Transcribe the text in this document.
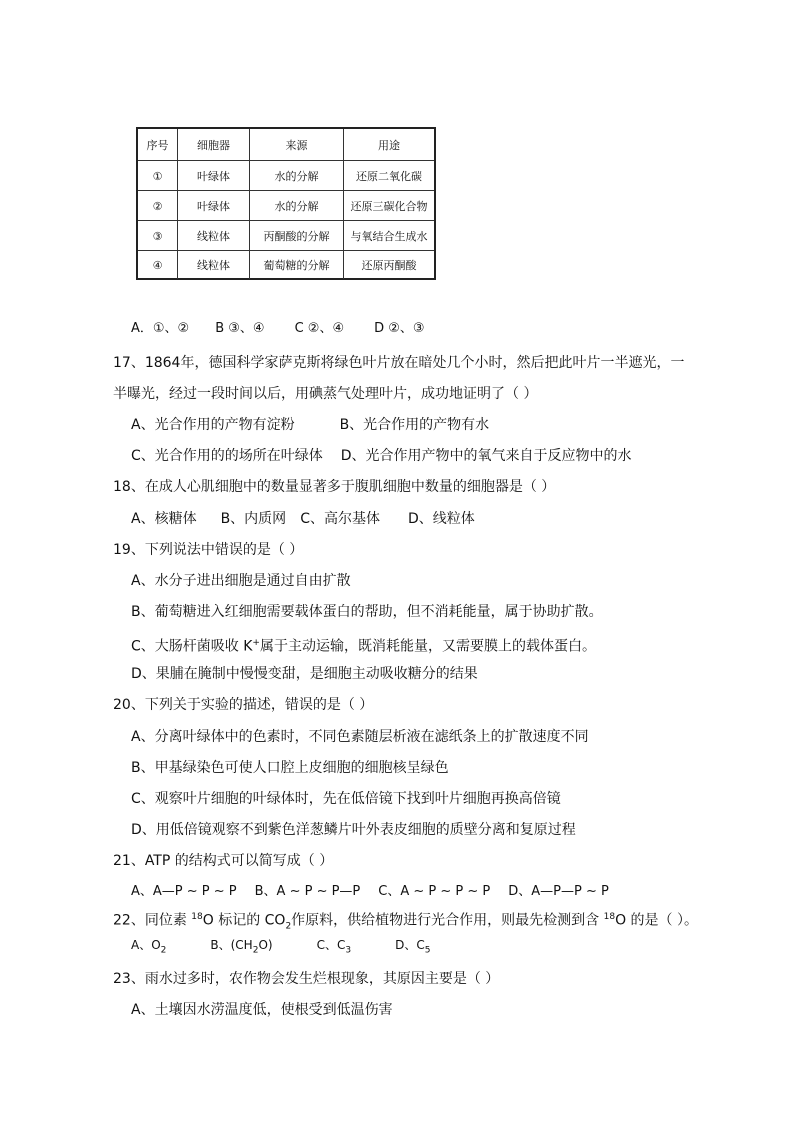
序号	细胞器	来源	用途
①	叶绿体	水的分解	还原二氧化碳
②	叶绿体	水的分解	还原三碳化合物
③	线粒体	丙酮酸的分解	与氧结合生成水
④	线粒体	葡萄糖的分解	还原丙酮酸
A．①、② B ③、④ C ②、④ D ②、③
17、1864年，德国科学家萨克斯将绿色叶片放在暗处几个小时，然后把此叶片一半遮光，一
半曝光，经过一段时间以后，用碘蒸气处理叶片，成功地证明了（ ）
A、光合作用的产物有淀粉	B、光合作用的产物有水
C、光合作用的的场所在叶绿体 D、光合作用产物中的氧气来自于反应物中的水
18、在成人心肌细胞中的数量显著多于腹肌细胞中数量的细胞器是（ ）
A、核糖体 B、内质网 C、高尔基体 D、线粒体
19、下列说法中错误的是（ ）
A、水分子进出细胞是通过自由扩散
B、葡萄糖进入红细胞需要载体蛋白的帮助，但不消耗能量，属于协助扩散。
C、大肠杆菌吸收 K+属于主动运输，既消耗能量，又需要膜上的载体蛋白。
D、果脯在腌制中慢慢变甜，是细胞主动吸收糖分的结果
20、下列关于实验的描述，错误的是（ ）
A、分离叶绿体中的色素时，不同色素随层析液在滤纸条上的扩散速度不同
B、甲基绿染色可使人口腔上皮细胞的细胞核呈绿色
C、观察叶片细胞的叶绿体时，先在低倍镜下找到叶片细胞再换高倍镜
D、用低倍镜观察不到紫色洋葱鳞片叶外表皮细胞的质壁分离和复原过程
21、ATP 的结构式可以简写成（ ）
A、A—P ~ P ~ P B、A ~ P ~ P—P C、A ~ P ~ P ~ P D、A—P—P ~ P
22、同位素 $^{18}$O 标记的 $CO_2$作原料，供给植物进行光合作用，则最先检测到含 $^{18}$O 的是（ ）。
A、$O_2$	B、$(CH_2O)$	C、$C_3$	D、$C_5$
23、雨水过多时，农作物会发生烂根现象，其原因主要是（ ）
A、土壤因水涝温度低，使根受到低温伤害
